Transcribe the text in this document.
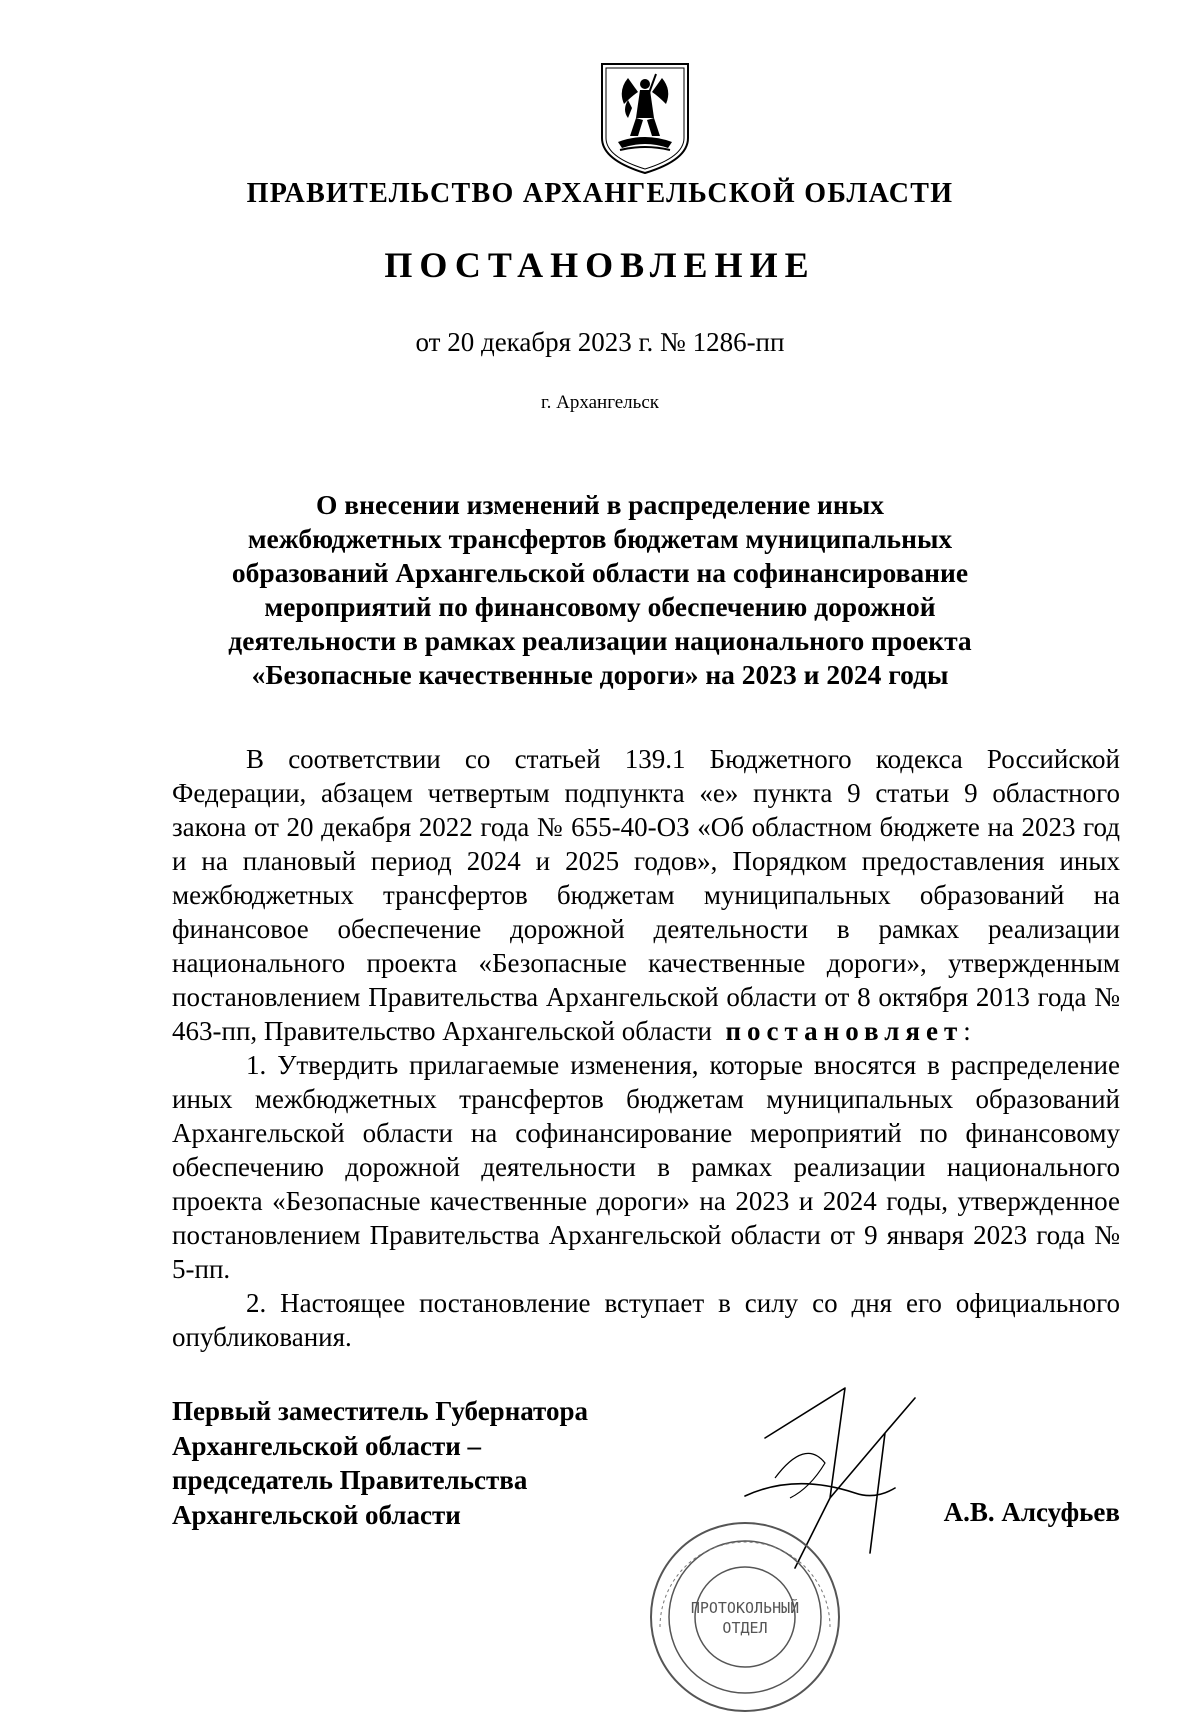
ПРАВИТЕЛЬСТВО АРХАНГЕЛЬСКОЙ ОБЛАСТИ
ПОСТАНОВЛЕНИЕ
от 20 декабря 2023 г. № 1286-пп
г. Архангельск
О внесении изменений в распределение иных
межбюджетных трансфертов бюджетам муниципальных
образований Архангельской области на софинансирование
мероприятий по финансовому обеспечению дорожной
деятельности в рамках реализации национального проекта
«Безопасные качественные дороги» на 2023 и 2024 годы

В соответствии со статьей 139.1 Бюджетного кодекса Российской Федерации, абзацем четвертым подпункта «е» пункта 9 статьи 9 областного закона от 20 декабря 2022 года № 655-40-ОЗ «Об областном бюджете на 2023 год и на плановый период 2024 и 2025 годов», Порядком предоставления иных межбюджетных трансфертов бюджетам муниципальных образований на финансовое обеспечение дорожной деятельности в рамках реализации национального проекта «Безопасные качественные дороги», утвержденным постановлением Правительства Архангельской области от 8 октября 2013 года № 463-пп, Правительство Архангельской области постановляет:

1. Утвердить прилагаемые изменения, которые вносятся в распределение иных межбюджетных трансфертов бюджетам муниципальных образований Архангельской области на софинансирование мероприятий по финансовому обеспечению дорожной деятельности в рамках реализации национального проекта «Безопасные качественные дороги» на 2023 и 2024 годы, утвержденное постановлением Правительства Архангельской области от 9 января 2023 года № 5-пп.

2. Настоящее постановление вступает в силу со дня его официального опубликования.

Первый заместитель Губернатора
Архангельской области –
председатель Правительства
Архангельской области
ПРОТОКОЛЬНЫЙ
ОТДЕЛ
А.В. Алсуфьев
